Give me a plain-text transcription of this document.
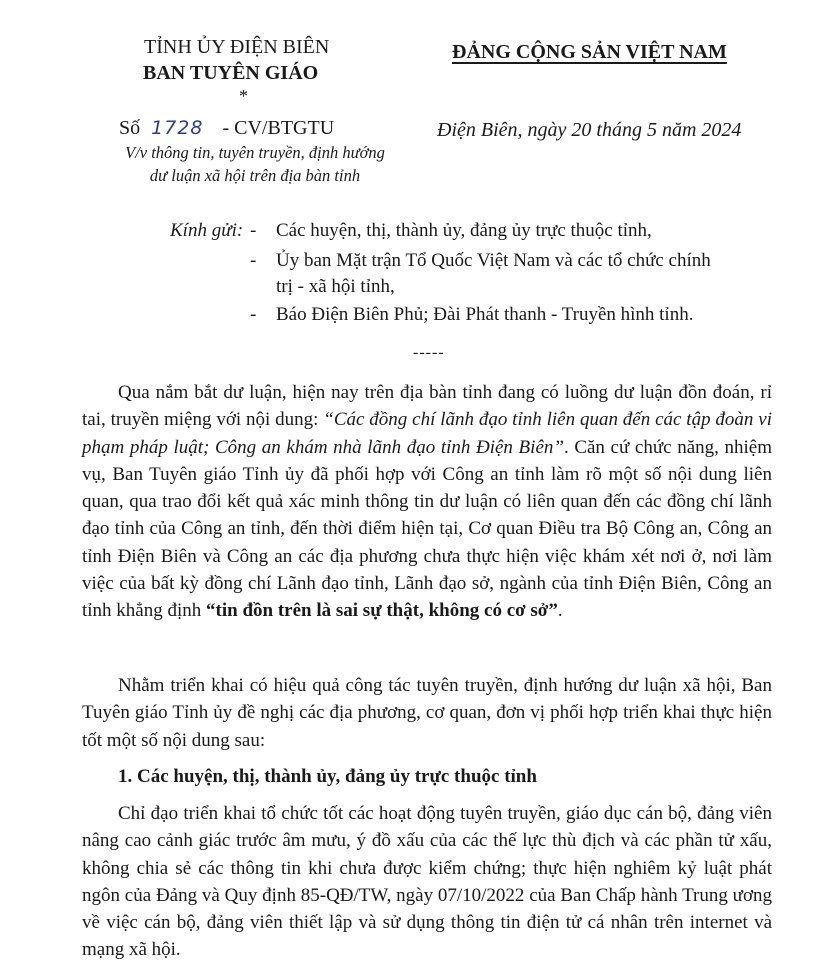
TỈNH ỦY ĐIỆN BIÊN
BAN TUYÊN GIÁO
*
ĐẢNG CỘNG SẢN VIỆT NAM
Số 1728 - CV/BTGTU	Điện Biên, ngày 20 tháng 5 năm 2024
V/v thông tin, tuyên truyền, định hướng
dư luận xã hội trên địa bàn tỉnh
Kính gửi: - Các huyện, thị, thành ủy, đảng ủy trực thuộc tỉnh,
- Ủy ban Mặt trận Tổ Quốc Việt Nam và các tổ chức chính
trị - xã hội tỉnh,
- Báo Điện Biên Phủ; Đài Phát thanh - Truyền hình tỉnh.
-----
Qua nắm bắt dư luận, hiện nay trên địa bàn tỉnh đang có luồng dư luận đồn đoán, rỉ tai, truyền miệng với nội dung: “Các đồng chí lãnh đạo tỉnh liên quan đến các tập đoàn vi phạm pháp luật; Công an khám nhà lãnh đạo tỉnh Điện Biên”. Căn cứ chức năng, nhiệm vụ, Ban Tuyên giáo Tỉnh ủy đã phối hợp với Công an tỉnh làm rõ một số nội dung liên quan, qua trao đổi kết quả xác minh thông tin dư luận có liên quan đến các đồng chí lãnh đạo tỉnh của Công an tỉnh, đến thời điểm hiện tại, Cơ quan Điều tra Bộ Công an, Công an tỉnh Điện Biên và Công an các địa phương chưa thực hiện việc khám xét nơi ở, nơi làm việc của bất kỳ đồng chí Lãnh đạo tỉnh, Lãnh đạo sở, ngành của tỉnh Điện Biên, Công an tỉnh khẳng định “tin đồn trên là sai sự thật, không có cơ sở”.
Nhằm triển khai có hiệu quả công tác tuyên truyền, định hướng dư luận xã hội, Ban Tuyên giáo Tỉnh ủy đề nghị các địa phương, cơ quan, đơn vị phối hợp triển khai thực hiện tốt một số nội dung sau:
1. Các huyện, thị, thành ủy, đảng ủy trực thuộc tỉnh
Chỉ đạo triển khai tổ chức tốt các hoạt động tuyên truyền, giáo dục cán bộ, đảng viên nâng cao cảnh giác trước âm mưu, ý đồ xấu của các thế lực thù địch và các phần tử xấu, không chia sẻ các thông tin khi chưa được kiểm chứng; thực hiện nghiêm kỷ luật phát ngôn của Đảng và Quy định 85-QĐ/TW, ngày 07/10/2022 của Ban Chấp hành Trung ương về việc cán bộ, đảng viên thiết lập và sử dụng thông tin điện tử cá nhân trên internet và mạng xã hội.
